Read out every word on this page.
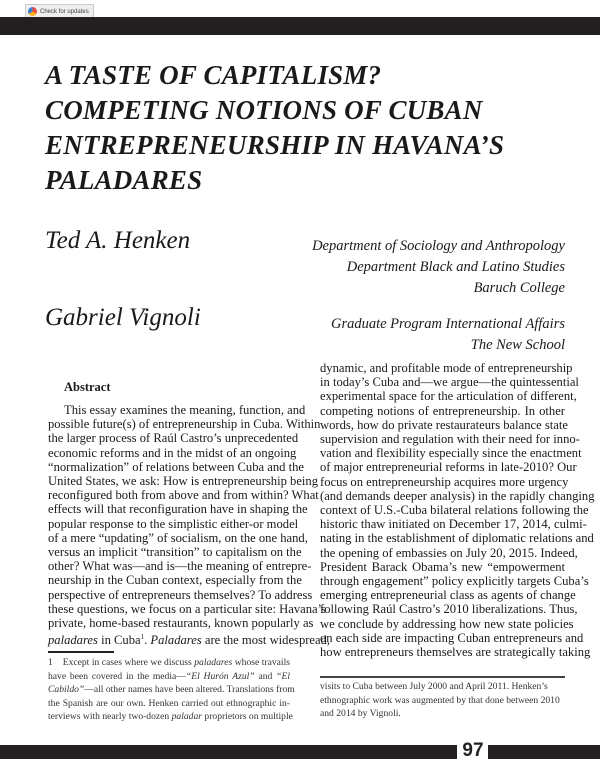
Check for updates
A TASTE OF CAPITALISM?
COMPETING NOTIONS OF CUBAN
ENTREPRENEURSHIP IN HAVANA’S
PALADARES
Ted A. Henken	Department of Sociology and Anthropology
Department Black and Latino Studies
Baruch College
Gabriel Vignoli	Graduate Program International Affairs
The New School
Abstract
This essay examines the meaning, function, and
possible future(s) of entrepreneurship in Cuba. Within
the larger process of Raúl Castro’s unprecedented
economic reforms and in the midst of an ongoing
“normalization” of relations between Cuba and the
United States, we ask: How is entrepreneurship being
reconfigured both from above and from within? What
effects will that reconfiguration have in shaping the
popular response to the simplistic either-or model
of a mere “updating” of socialism, on the one hand,
versus an implicit “transition” to capitalism on the
other? What was—and is—the meaning of entrepre-
neurship in the Cuban context, especially from the
perspective of entrepreneurs themselves? To address
these questions, we focus on a particular site: Havana’s
private, home-based restaurants, known popularly as
paladares in Cuba$^1$. Paladares are the most widespread,
dynamic, and profitable mode of entrepreneurship
in today’s Cuba and—we argue—the quintessential
experimental space for the articulation of different,
competing notions of entrepreneurship. In other
words, how do private restaurateurs balance state
supervision and regulation with their need for inno-
vation and flexibility especially since the enactment
of major entrepreneurial reforms in late-2010? Our
focus on entrepreneurship acquires more urgency
(and demands deeper analysis) in the rapidly changing
context of U.S.-Cuba bilateral relations following the
historic thaw initiated on December 17, 2014, culmi-
nating in the establishment of diplomatic relations and
the opening of embassies on July 20, 2015. Indeed,
President Barack Obama’s new “empowerment
through engagement” policy explicitly targets Cuba’s
emerging entrepreneurial class as agents of change
following Raúl Castro’s 2010 liberalizations. Thus,
we conclude by addressing how new state policies
on each side are impacting Cuban entrepreneurs and
how entrepreneurs themselves are strategically taking
1 Except in cases where we discuss paladares whose travails
have been covered in the media—“El Hurón Azul” and “El
Cabildo”—all other names have been altered. Translations from
the Spanish are our own. Henken carried out ethnographic in-
terviews with nearly two-dozen paladar proprietors on multiple
visits to Cuba between July 2000 and April 2011. Henken’s
ethnographic work was augmented by that done between 2010
and 2014 by Vignoli.
97
